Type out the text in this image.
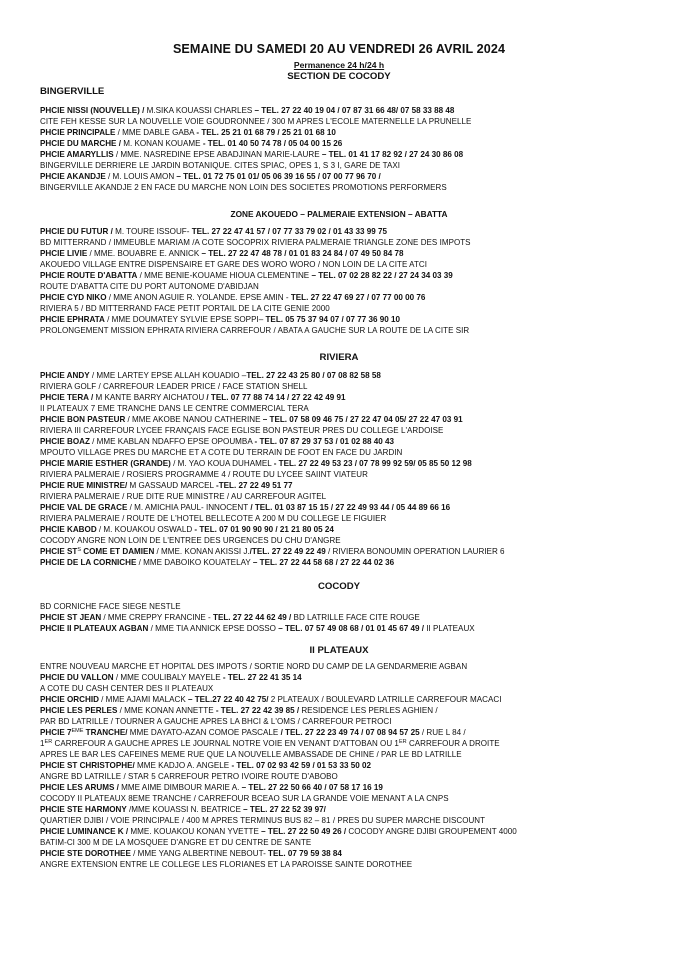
SEMAINE DU SAMEDI 20 AU VENDREDI 26 AVRIL 2024
Permanence 24 h/24 h
SECTION DE COCODY
BINGERVILLE
ZONE AKOUEDO – PALMERAIE EXTENSION – ABATTA
RIVIERA
COCODY
II PLATEAUX
PHCIE NISSI (NOUVELLE) / M.SIKA KOUASSI CHARLES – TEL. 27 22 40 19 04 / 07 87 31 66 48/ 07 58 33 88 48
CITE FEH KESSE SUR LA NOUVELLE VOIE GOUDRONNEE / 300 M APRES L'ECOLE MATERNELLE LA PRUNELLE
PHCIE PRINCIPALE / MME DABLE GABA - TEL. 25 21 01 68 79 / 25 21 01 68 10
PHCIE DU MARCHE / M. KONAN KOUAME - TEL. 01 40 50 74 78 / 05 04 00 15 26
PHCIE AMARYLLIS / MME. NASREDINE EPSE ABADJINAN MARIE-LAURE – TEL. 01 41 17 82 92 / 27 24 30 86 08
BINGERVILLE DERRIERE LE JARDIN BOTANIQUE. CITES SPIAC, OPES 1, S 3 I, GARE DE TAXI
PHCIE AKANDJE / M. LOUIS AMON – TEL. 01 72 75 01 01/ 05 06 39 16 55 / 07 00 77 96 70 /
BINGERVILLE AKANDJE 2 EN FACE DU MARCHE NON LOIN DES SOCIETES PROMOTIONS PERFORMERS
PHCIE DU FUTUR / M. TOURE ISSOUF- TEL. 27 22 47 41 57 / 07 77 33 79 02 / 01 43 33 99 75
BD MITTERRAND / IMMEUBLE MARIAM /A COTE SOCOPRIX RIVIERA PALMERAIE TRIANGLE ZONE DES IMPOTS
PHCIE LIVIE / MME. BOUABRE E. ANNICK – TEL. 27 22 47 48 78 / 01 01 83 24 84 / 07 49 50 84 78
AKOUEDO VILLAGE ENTRE DISPENSAIRE ET GARE DES WORO WORO / NON LOIN DE LA CITE ATCI
PHCIE ROUTE D'ABATTA / MME BENIE-KOUAME HIOUA CLEMENTINE – TEL. 07 02 28 82 22 / 27 24 34 03 39
ROUTE D'ABATTA CITE DU PORT AUTONOME D'ABIDJAN
PHCIE CYD NIKO / MME ANON AGUIE R. YOLANDE. EPSE AMIN - TEL. 27 22 47 69 27 / 07 77 00 00 76
RIVIERA 5 / BD MITTERRAND FACE PETIT PORTAIL DE LA CITE GENIE 2000
PHCIE EPHRATA / MME DOUMATEY SYLVIE EPSE SOPPI– TEL. 05 75 37 94 07 / 07 77 36 90 10
PROLONGEMENT MISSION EPHRATA RIVIERA CARREFOUR / ABATA A GAUCHE SUR LA ROUTE DE LA CITE SIR
PHCIE ANDY / MME LARTEY EPSE ALLAH KOUADIO –TEL. 27 22 43 25 80 / 07 08 82 58 58
RIVIERA GOLF / CARREFOUR LEADER PRICE / FACE STATION SHELL
PHCIE TERA / M KANTE BARRY AICHATOU / TEL. 07 77 88 74 14 / 27 22 42 49 91
II PLATEAUX 7 EME TRANCHE DANS LE CENTRE COMMERCIAL TERA
PHCIE BON PASTEUR / MME AKOBE NANOU CATHERINE – TEL. 07 58 09 46 75 / 27 22 47 04 05/ 27 22 47 03 91
RIVIERA III CARREFOUR LYCEE FRANÇAIS FACE EGLISE BON PASTEUR PRES DU COLLEGE L'ARDOISE
PHCIE BOAZ / MME KABLAN NDAFFO EPSE OPOUMBA - TEL. 07 87 29 37 53 / 01 02 88 40 43
MPOUTO VILLAGE PRES DU MARCHE ET A COTE DU TERRAIN DE FOOT EN FACE DU JARDIN
PHCIE MARIE ESTHER (GRANDE) / M. YAO KOUA DUHAMEL - TEL. 27 22 49 53 23 / 07 78 99 92 59/ 05 85 50 12 98
RIVIERA PALMERAIE / ROSIERS PROGRAMME 4 / ROUTE DU LYCEE SAIINT VIATEUR
PHCIE RUE MINISTRE/ M GASSAUD MARCEL -TEL. 27 22 49 51 77
RIVIERA PALMERAIE / RUE DITE RUE MINISTRE / AU CARREFOUR AGITEL
PHCIE VAL DE GRACE / M. AMICHIA PAUL- INNOCENT / TEL. 01 03 87 15 15 / 27 22 49 93 44 / 05 44 89 66 16
RIVIERA PALMERAIE / ROUTE DE L'HOTEL BELLECOTE A 200 M DU COLLEGE LE FIGUIER
PHCIE KABOD / M. KOUAKOU OSWALD - TEL. 07 01 90 90 90 / 21 21 80 05 24
COCODY ANGRE NON LOIN DE L'ENTREE DES URGENCES DU CHU D'ANGRE
PHCIE $ST^S$ COME ET DAMIEN / MME. KONAN AKISSI J./TEL. 27 22 49 22 49 / RIVIERA BONOUMIN OPERATION LAURIER 6
PHCIE DE LA CORNICHE / MME DABOIKO KOUATELAY – TEL. 27 22 44 58 68 / 27 22 44 02 36
BD CORNICHE FACE SIEGE NESTLE
PHCIE ST JEAN / MME CREPPY FRANCINE - TEL. 27 22 44 62 49 / BD LATRILLE FACE CITE ROUGE
PHCIE II PLATEAUX AGBAN / MME TIA ANNICK EPSE DOSSO – TEL. 07 57 49 08 68 / 01 01 45 67 49 / II PLATEAUX
ENTRE NOUVEAU MARCHE ET HOPITAL DES IMPOTS / SORTIE NORD DU CAMP DE LA GENDARMERIE AGBAN
PHCIE DU VALLON / MME COULIBALY MAYELE - TEL. 27 22 41 35 14
A COTE DU CASH CENTER DES II PLATEAUX
PHCIE ORCHID / MME AJAMI MALACK – TEL.27 22 40 42 75/ 2 PLATEAUX / BOULEVARD LATRILLE CARREFOUR MACACI
PHCIE LES PERLES / MME KONAN ANNETTE - TEL. 27 22 42 39 85 / RESIDENCE LES PERLES AGHIEN /
PAR BD LATRILLE / TOURNER A GAUCHE APRES LA BHCI & L'OMS / CARREFOUR PETROCI
PHCIE 7EME TRANCHE/ MME DAYATO-AZAN COMOE PASCALE / TEL. 27 22 23 49 74 / 07 08 94 57 25 / RUE L 84 /
1ER CARREFOUR A GAUCHE APRES LE JOURNAL NOTRE VOIE EN VENANT D'ATTOBAN OU 1ER CARREFOUR A DROITE
APRES LE BAR LES CAFEINES MEME RUE QUE LA NOUVELLE AMBASSADE DE CHINE / PAR LE BD LATRILLE
PHCIE ST CHRISTOPHE/ MME KADJO A. ANGELE - TEL. 07 02 93 42 59 / 01 53 33 50 02
ANGRE BD LATRILLE / STAR 5 CARREFOUR PETRO IVOIRE ROUTE D'ABOBO
PHCIE LES ARUMS / MME AIME DIMBOUR MARIE A. – TEL. 27 22 50 66 40 / 07 58 17 16 19
COCODY II PLATEAUX 8EME TRANCHE / CARREFOUR BCEAO SUR LA GRANDE VOIE MENANT A LA CNPS
PHCIE STE HARMONY /MME KOUASSI N. BEATRICE – TEL. 27 22 52 39 97/
QUARTIER DJIBI / VOIE PRINCIPALE / 400 M APRES TERMINUS BUS 82 – 81 / PRES DU SUPER MARCHE DISCOUNT
PHCIE LUMINANCE K / MME. KOUAKOU KONAN YVETTE – TEL. 27 22 50 49 26 / COCODY ANGRE DJIBI GROUPEMENT 4000
BATIM-CI 300 M DE LA MOSQUEE D'ANGRE ET DU CENTRE DE SANTE
PHCIE STE DOROTHEE / MME YANG ALBERTINE NEBOUT- TEL. 07 79 59 38 84
ANGRE EXTENSION ENTRE LE COLLEGE LES FLORIANES ET LA PAROISSE SAINTE DOROTHEE
